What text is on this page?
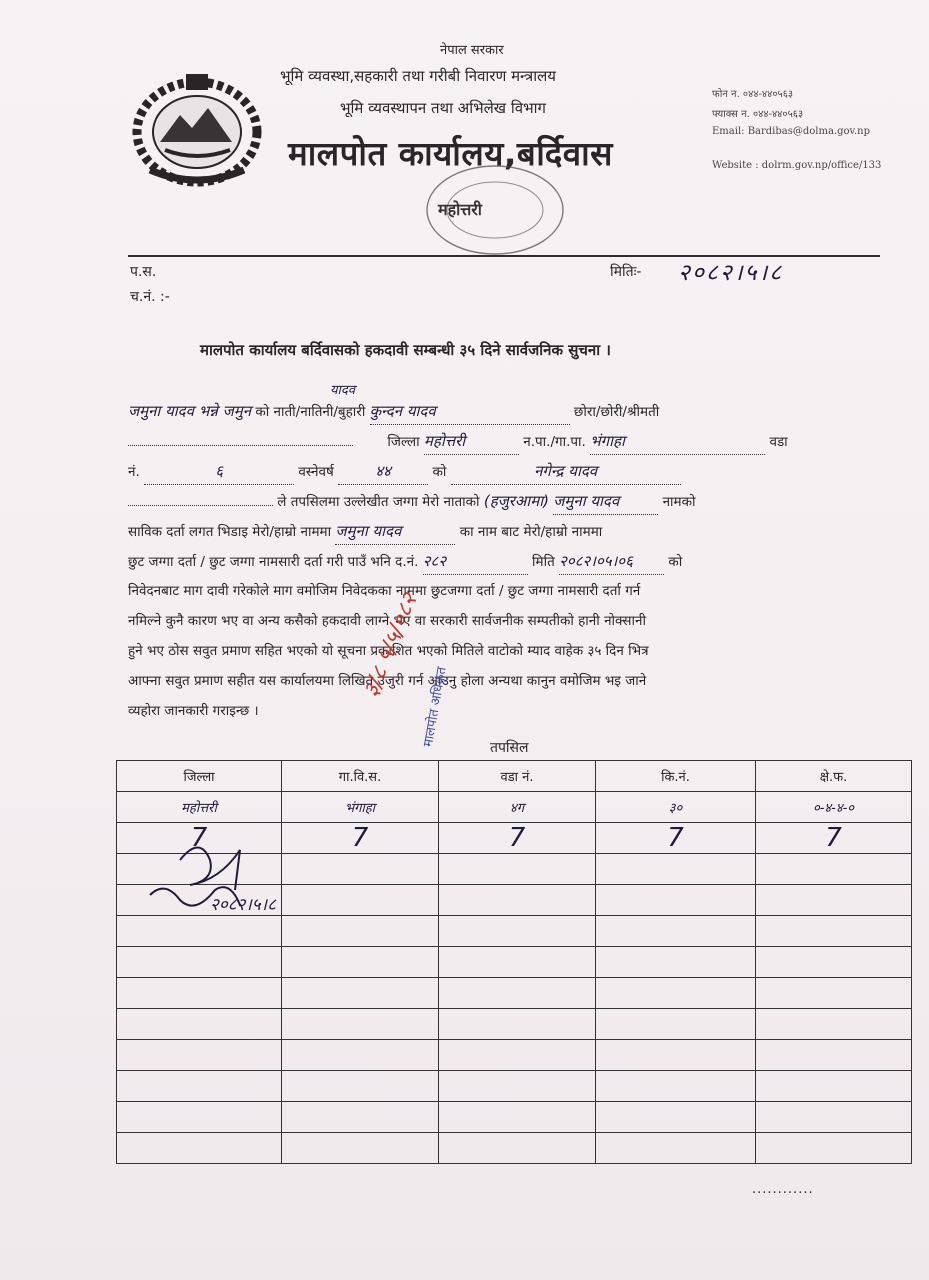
नेपाल सरकार
भूमि व्यवस्था,सहकारी तथा गरीबी निवारण मन्त्रालय
भूमि व्यवस्थापन तथा अभिलेख विभाग
मालपोत कार्यालय,बर्दिवास
फोन न. ०४४-४४०५६३
फ्याक्स न. ०४४-४४०५६३
Email: Bardibas@dolma.gov.np
Website : dolrm.gov.np/office/133
महोत्तरी
प.स.
च.नं. :-
मितिः- २०८२।५।८
मालपोत कार्यालय बर्दिवासको हकदावी सम्बन्धी ३५ दिने सार्वजनिक सुचना ।
यादव
जमुना यादव भन्ने जमुन को नाती/नातिनी/बुहारी कुन्दन यादव	छोरा/छोरी/श्रीमती
जिल्ला महोत्तरी	न.पा./गा.पा. भंगाहा	वडा
नं.	६	वस्नेवर्ष	४४	को	नगेन्द्र यादव
ले तपसिलमा उल्लेखीत जग्गा मेरो नाताको (हजुरआमा) जमुना यादव	नामको
साविक दर्ता लगत भिडाइ मेरो/हाम्रो नाममा जमुना यादव	का नाम बाट मेरो/हाम्रो नाममा
छुट जग्गा दर्ता / छुट जग्गा नामसारी दर्ता गरी पाउँ भनि द.नं. २८२	मिति २०८२।०५।०६	को
निवेदनबाट माग दावी गरेकोले माग वमोजिम निवेदकका नाममा छुटजग्गा दर्ता / छुट जग्गा नामसारी दर्ता गर्न
नमिल्ने कुनै कारण भए वा अन्य कसैको हकदावी लाग्ने भए वा सरकारी सार्वजनीक सम्पतीको हानी नोक्सानी
हुने भए ठोस सवुत प्रमाण सहित भएको यो सूचना प्रकाशित भएको मितिले वाटोको म्याद वाहेक ३५ दिन भित्र
आफ्ना सवुत प्रमाण सहीत यस कार्यालयमा लिखित उजुरी गर्न आउनु होला अन्यथा कानुन वमोजिम भइ जाने
व्यहोरा जानकारी गराइन्छ ।
३/८ ५/५/०८२
मालपोत अधिकृत	तपसिल
जिल्ला	गा.वि.स.	वडा नं.	कि.नं.	क्षे.फ.
महोत्तरी	भंगाहा	४ग	३०	०-४-४-०
7	7	7	7	7

२०८२।५।८
............
